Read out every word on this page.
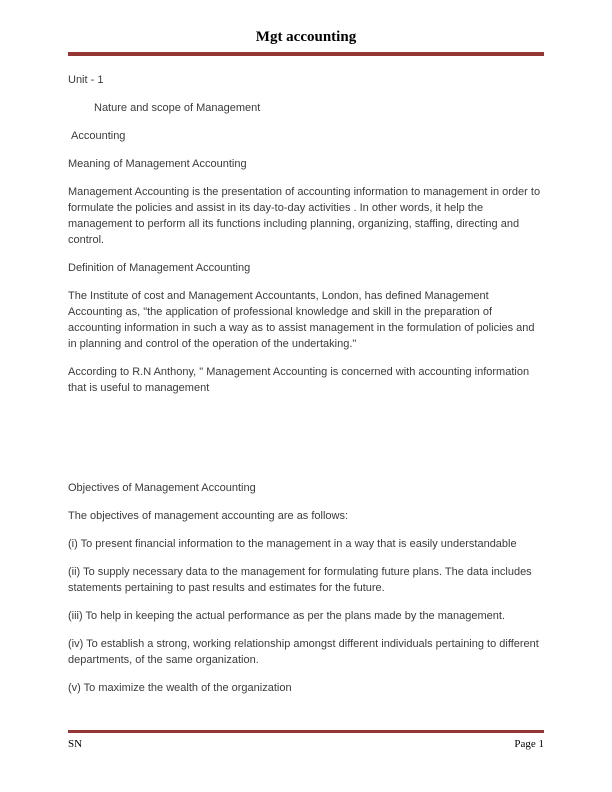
Mgt accounting

Unit - 1

Nature and scope of Management

Accounting

Meaning of Management Accounting

Management Accounting is the presentation of accounting information to management in order to formulate the policies and assist in its day-to-day activities . In other words, it help the management to perform all its functions including planning, organizing, staffing, directing and control.

Definition of Management Accounting

The Institute of cost and Management Accountants, London, has defined Management Accounting as, "the application of professional knowledge and skill in the preparation of accounting information in such a way as to assist management in the formulation of policies and in planning and control of the operation of the undertaking."

According to R.N Anthony, " Management Accounting is concerned with accounting information that is useful to management

Objectives of Management Accounting

The objectives of management accounting are as follows:

(i) To present financial information to the management in a way that is easily understandable

(ii) To supply necessary data to the management for formulating future plans. The data includes statements pertaining to past results and estimates for the future.

(iii) To help in keeping the actual performance as per the plans made by the management.

(iv) To establish a strong, working relationship amongst different individuals pertaining to different departments, of the same organization.

(v) To maximize the wealth of the organization

SN	Page 1
